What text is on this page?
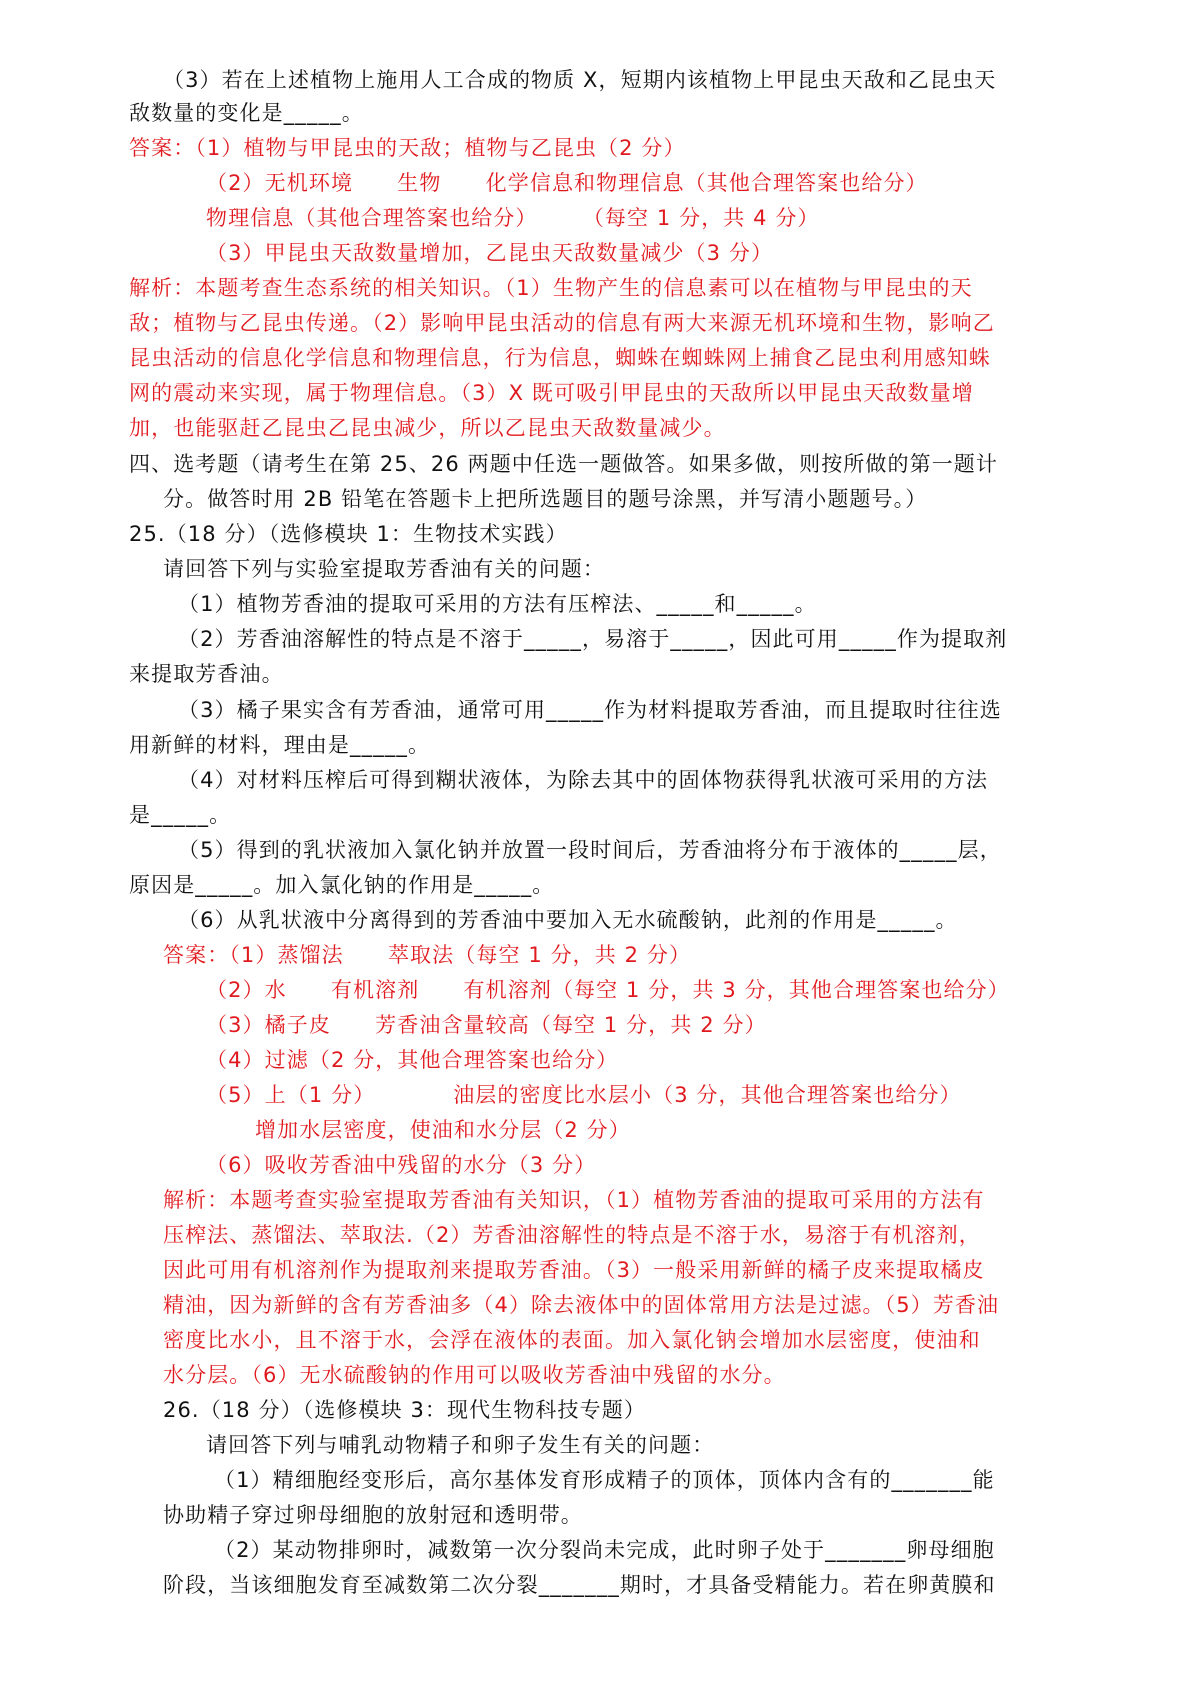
（3）若在上述植物上施用人工合成的物质 X，短期内该植物上甲昆虫天敌和乙昆虫天
敌数量的变化是_____。
答案：（1）植物与甲昆虫的天敌；植物与乙昆虫（2 分）
（2）无机环境　　生物　　化学信息和物理信息（其他合理答案也给分）
物理信息（其他合理答案也给分）　　　（每空 1 分，共 4 分）
（3）甲昆虫天敌数量增加，乙昆虫天敌数量减少（3 分）
解析：本题考查生态系统的相关知识。（1）生物产生的信息素可以在植物与甲昆虫的天
敌；植物与乙昆虫传递。（2）影响甲昆虫活动的信息有两大来源无机环境和生物，影响乙
昆虫活动的信息化学信息和物理信息，行为信息，蜘蛛在蜘蛛网上捕食乙昆虫利用感知蛛
网的震动来实现，属于物理信息。（3）X 既可吸引甲昆虫的天敌所以甲昆虫天敌数量增
加，也能驱赶乙昆虫乙昆虫减少，所以乙昆虫天敌数量减少。
四、选考题（请考生在第 25、26 两题中任选一题做答。如果多做，则按所做的第一题计
分。做答时用 2B 铅笔在答题卡上把所选题目的题号涂黑，并写清小题题号。）
25.（18 分）（选修模块 1：生物技术实践）
请回答下列与实验室提取芳香油有关的问题：
（1）植物芳香油的提取可采用的方法有压榨法、_____和_____。
（2）芳香油溶解性的特点是不溶于_____，易溶于_____，因此可用_____作为提取剂
来提取芳香油。
（3）橘子果实含有芳香油，通常可用_____作为材料提取芳香油，而且提取时往往选
用新鲜的材料，理由是_____。
（4）对材料压榨后可得到糊状液体，为除去其中的固体物获得乳状液可采用的方法
是_____。
（5）得到的乳状液加入氯化钠并放置一段时间后，芳香油将分布于液体的_____层，
原因是_____。加入氯化钠的作用是_____。
（6）从乳状液中分离得到的芳香油中要加入无水硫酸钠，此剂的作用是_____。
答案：（1）蒸馏法　　萃取法（每空 1 分，共 2 分）
（2）水　　有机溶剂　　有机溶剂（每空 1 分，共 3 分，其他合理答案也给分）
（3）橘子皮　　芳香油含量较高（每空 1 分，共 2 分）
（4）过滤（2 分，其他合理答案也给分）
（5）上（1 分）　　　　油层的密度比水层小（3 分，其他合理答案也给分）
增加水层密度，使油和水分层（2 分）
（6）吸收芳香油中残留的水分（3 分）
解析：本题考查实验室提取芳香油有关知识，（1）植物芳香油的提取可采用的方法有
压榨法、蒸馏法、萃取法.（2）芳香油溶解性的特点是不溶于水，易溶于有机溶剂，
因此可用有机溶剂作为提取剂来提取芳香油。（3）一般采用新鲜的橘子皮来提取橘皮
精油，因为新鲜的含有芳香油多（4）除去液体中的固体常用方法是过滤。（5）芳香油
密度比水小，且不溶于水，会浮在液体的表面。加入氯化钠会增加水层密度，使油和
水分层。（6）无水硫酸钠的作用可以吸收芳香油中残留的水分。
26.（18 分）（选修模块 3：现代生物科技专题）
请回答下列与哺乳动物精子和卵子发生有关的问题：
（1）精细胞经变形后，高尔基体发育形成精子的顶体，顶体内含有的_______能
协助精子穿过卵母细胞的放射冠和透明带。
（2）某动物排卵时，减数第一次分裂尚未完成，此时卵子处于_______卵母细胞
阶段，当该细胞发育至减数第二次分裂_______期时，才具备受精能力。若在卵黄膜和
